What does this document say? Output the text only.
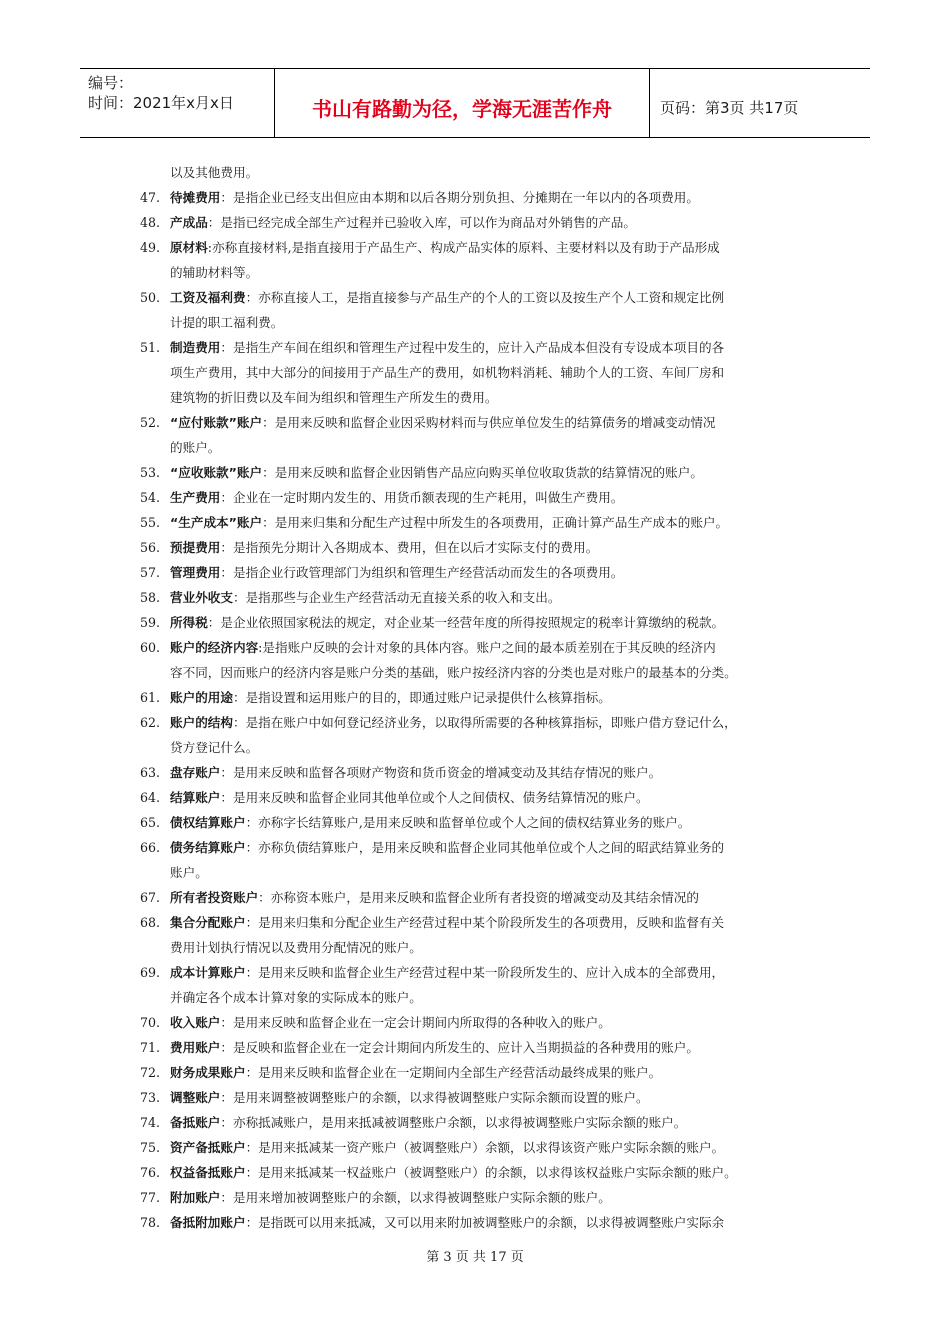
编号：
时间：2021年x月x日	书山有路勤为径，学海无涯苦作舟	页码：第3页 共17页
以及其他费用。
47. 待摊费用：是指企业已经支出但应由本期和以后各期分别负担、分摊期在一年以内的各项费用。
48. 产成品：是指已经完成全部生产过程并已验收入库，可以作为商品对外销售的产品。
49. 原材料:亦称直接材料,是指直接用于产品生产、构成产品实体的原料、主要材料以及有助于产品形成
的辅助材料等。
50. 工资及福利费：亦称直接人工，是指直接参与产品生产的个人的工资以及按生产个人工资和规定比例
计提的职工福利费。
51. 制造费用：是指生产车间在组织和管理生产过程中发生的，应计入产品成本但没有专设成本项目的各
项生产费用，其中大部分的间接用于产品生产的费用，如机物料消耗、辅助个人的工资、车间厂房和
建筑物的折旧费以及车间为组织和管理生产所发生的费用。
52. “应付账款”账户：是用来反映和监督企业因采购材料而与供应单位发生的结算债务的增减变动情况
的账户。
53. “应收账款”账户：是用来反映和监督企业因销售产品应向购买单位收取货款的结算情况的账户。
54. 生产费用：企业在一定时期内发生的、用货币额表现的生产耗用，叫做生产费用。
55. “生产成本”账户：是用来归集和分配生产过程中所发生的各项费用，正确计算产品生产成本的账户。
56. 预提费用：是指预先分期计入各期成本、费用，但在以后才实际支付的费用。
57. 管理费用：是指企业行政管理部门为组织和管理生产经营活动而发生的各项费用。
58. 营业外收支：是指那些与企业生产经营活动无直接关系的收入和支出。
59. 所得税：是企业依照国家税法的规定，对企业某一经营年度的所得按照规定的税率计算缴纳的税款。
60. 账户的经济内容:是指账户反映的会计对象的具体内容。账户之间的最本质差别在于其反映的经济内
容不同，因而账户的经济内容是账户分类的基础，账户按经济内容的分类也是对账户的最基本的分类。
61. 账户的用途：是指设置和运用账户的目的，即通过账户记录提供什么核算指标。
62. 账户的结构：是指在账户中如何登记经济业务，以取得所需要的各种核算指标，即账户借方登记什么，
贷方登记什么。
63. 盘存账户：是用来反映和监督各项财产物资和货币资金的增减变动及其结存情况的账户。
64. 结算账户：是用来反映和监督企业同其他单位或个人之间债权、债务结算情况的账户。
65. 债权结算账户：亦称字长结算账户,是用来反映和监督单位或个人之间的债权结算业务的账户。
66. 债务结算账户：亦称负债结算账户，是用来反映和监督企业同其他单位或个人之间的昭武结算业务的
账户。
67. 所有者投资账户：亦称资本账户，是用来反映和监督企业所有者投资的增减变动及其结余情况的
68. 集合分配账户：是用来归集和分配企业生产经营过程中某个阶段所发生的各项费用，反映和监督有关
费用计划执行情况以及费用分配情况的账户。
69. 成本计算账户：是用来反映和监督企业生产经营过程中某一阶段所发生的、应计入成本的全部费用，
并确定各个成本计算对象的实际成本的账户。
70. 收入账户：是用来反映和监督企业在一定会计期间内所取得的各种收入的账户。
71. 费用账户：是反映和监督企业在一定会计期间内所发生的、应计入当期损益的各种费用的账户。
72. 财务成果账户：是用来反映和监督企业在一定期间内全部生产经营活动最终成果的账户。
73. 调整账户：是用来调整被调整账户的余额，以求得被调整账户实际余额而设置的账户。
74. 备抵账户：亦称抵减账户，是用来抵减被调整账户余额，以求得被调整账户实际余额的账户。
75. 资产备抵账户：是用来抵减某一资产账户（被调整账户）余额，以求得该资产账户实际余额的账户。
76. 权益备抵账户：是用来抵减某一权益账户（被调整账户）的余额，以求得该权益账户实际余额的账户。
77. 附加账户：是用来增加被调整账户的余额，以求得被调整账户实际余额的账户。
78. 备抵附加账户：是指既可以用来抵减，又可以用来附加被调整账户的余额，以求得被调整账户实际余
第 3 页 共 17 页
